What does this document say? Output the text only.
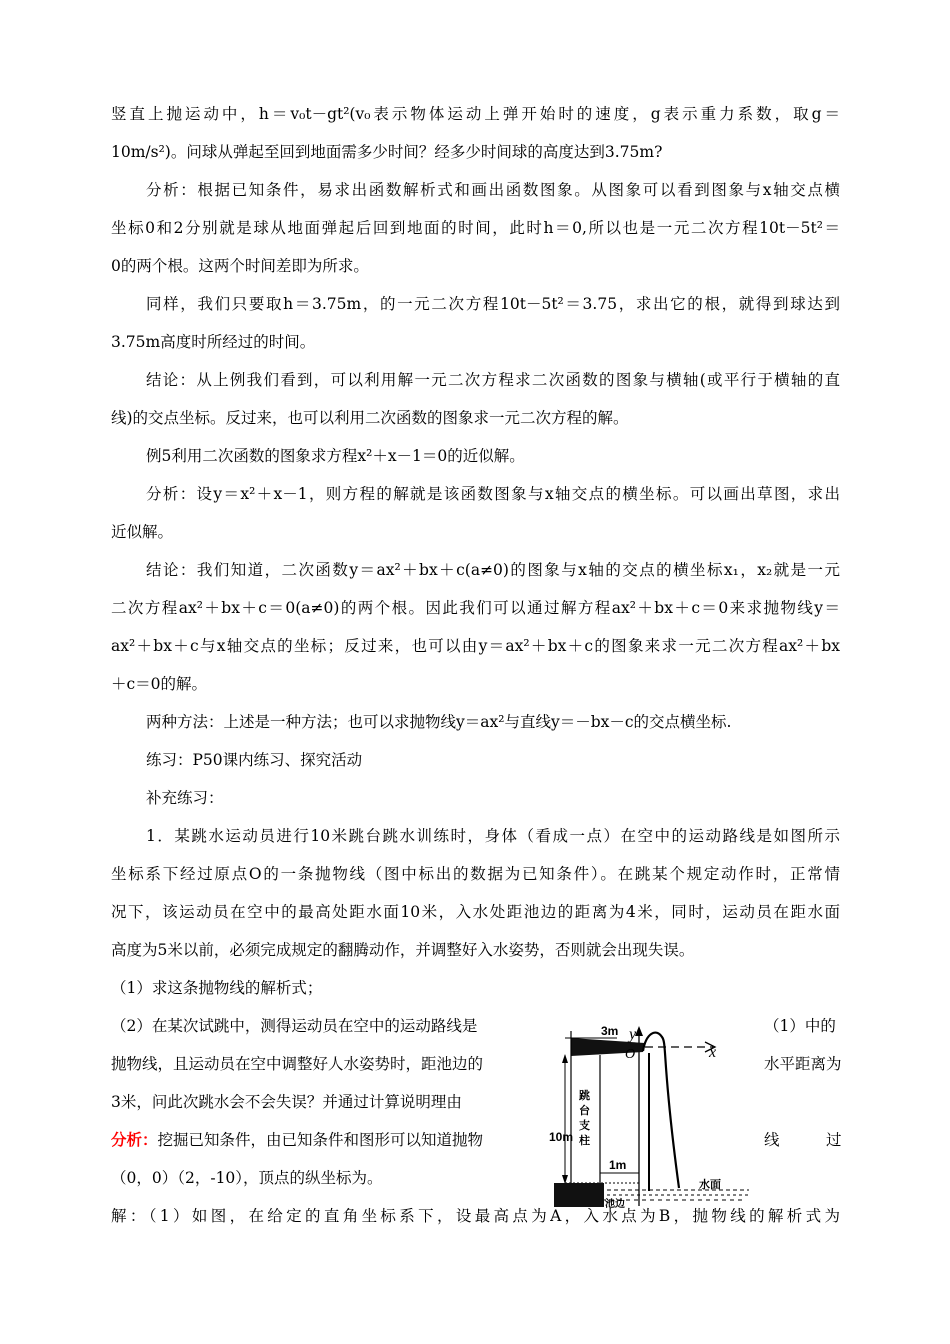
竖直上抛运动中，h＝v₀t－gt²(v₀表示物体运动上弹开始时的速度，g表示重力系数，取g＝
10m/s²)。问球从弹起至回到地面需多少时间？经多少时间球的高度达到3.75m?
分析：根据已知条件，易求出函数解析式和画出函数图象。从图象可以看到图象与x轴交点横
坐标0和2分别就是球从地面弹起后回到地面的时间，此时h＝0,所以也是一元二次方程10t－5t²＝
0的两个根。这两个时间差即为所求。
同样，我们只要取h＝3.75m，的一元二次方程10t－5t²＝3.75，求出它的根，就得到球达到
3.75m高度时所经过的时间。
结论：从上例我们看到，可以利用解一元二次方程求二次函数的图象与横轴(或平行于横轴的直
线)的交点坐标。反过来，也可以利用二次函数的图象求一元二次方程的解。
例5利用二次函数的图象求方程x²＋x－1＝0的近似解。
分析：设y＝x²＋x－1，则方程的解就是该函数图象与x轴交点的横坐标。可以画出草图，求出
近似解。
结论：我们知道，二次函数y＝ax²＋bx＋c(a≠0)的图象与x轴的交点的横坐标x₁，x₂就是一元
二次方程ax²＋bx＋c＝0(a≠0)的两个根。因此我们可以通过解方程ax²＋bx＋c＝0来求抛物线y＝
ax²＋bx＋c与x轴交点的坐标；反过来，也可以由y＝ax²＋bx＋c的图象来求一元二次方程ax²＋bx
＋c＝0的解。
两种方法：上述是一种方法；也可以求抛物线y＝ax²与直线y＝－bx－c的交点横坐标.
练习：P50课内练习、探究活动
补充练习：
1．某跳水运动员进行10米跳台跳水训练时，身体（看成一点）在空中的运动路线是如图所示
坐标系下经过原点O的一条抛物线（图中标出的数据为已知条件）。在跳某个规定动作时，正常情
况下，该运动员在空中的最高处距水面10米，入水处距池边的距离为4米，同时，运动员在距水面
高度为5米以前，必须完成规定的翻腾动作，并调整好入水姿势，否则就会出现失误。
（1）求这条抛物线的解析式；
（2）在某次试跳中，测得运动员在空中的运动路线是	（1）中的
抛物线，且运动员在空中调整好人水姿势时，距池边的	水平距离为
3米，问此次跳水会不会失误？并通过计算说明理由
分析：挖掘已知条件，由已知条件和图形可以知道抛物	线	过
（0，0）（2，-10），顶点的纵坐标为。
解：（1）如图，在给定的直角坐标系下，设最高点为A，入水点为B，抛物线的解析式为
y
x
O
3m
10m
1m
跳
台
支
柱
水面
池边
